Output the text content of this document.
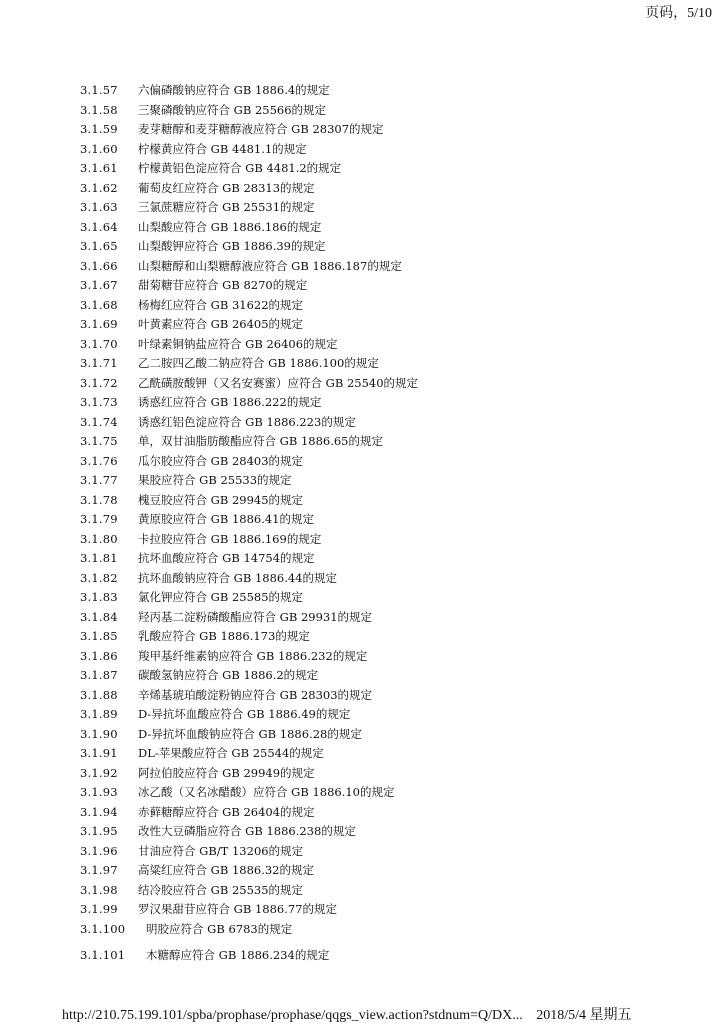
页码，5/10
3.1.57	六偏磷酸钠应符合 GB 1886.4的规定
3.1.58	三聚磷酸钠应符合 GB 25566的规定
3.1.59	麦芽糖醇和麦芽糖醇液应符合 GB 28307的规定
3.1.60	柠檬黄应符合 GB 4481.1的规定
3.1.61	柠檬黄铝色淀应符合 GB 4481.2的规定
3.1.62	葡萄皮红应符合 GB 28313的规定
3.1.63	三氯蔗糖应符合 GB 25531的规定
3.1.64	山梨酸应符合 GB 1886.186的规定
3.1.65	山梨酸钾应符合 GB 1886.39的规定
3.1.66	山梨糖醇和山梨糖醇液应符合 GB 1886.187的规定
3.1.67	甜菊糖苷应符合 GB 8270的规定
3.1.68	杨梅红应符合 GB 31622的规定
3.1.69	叶黄素应符合 GB 26405的规定
3.1.70	叶绿素铜钠盐应符合 GB 26406的规定
3.1.71	乙二胺四乙酸二钠应符合 GB 1886.100的规定
3.1.72	乙酰磺胺酸钾（又名安赛蜜）应符合 GB 25540的规定
3.1.73	诱惑红应符合 GB 1886.222的规定
3.1.74	诱惑红铝色淀应符合 GB 1886.223的规定
3.1.75	单，双甘油脂肪酸酯应符合 GB 1886.65的规定
3.1.76	瓜尔胶应符合 GB 28403的规定
3.1.77	果胶应符合 GB 25533的规定
3.1.78	槐豆胶应符合 GB 29945的规定
3.1.79	黄原胶应符合 GB 1886.41的规定
3.1.80	卡拉胶应符合 GB 1886.169的规定
3.1.81	抗坏血酸应符合 GB 14754的规定
3.1.82	抗坏血酸钠应符合 GB 1886.44的规定
3.1.83	氯化钾应符合 GB 25585的规定
3.1.84	羟丙基二淀粉磷酸酯应符合 GB 29931的规定
3.1.85	乳酸应符合 GB 1886.173的规定
3.1.86	羧甲基纤维素钠应符合 GB 1886.232的规定
3.1.87	碳酸氢钠应符合 GB 1886.2的规定
3.1.88	辛烯基琥珀酸淀粉钠应符合 GB 28303的规定
3.1.89	D-异抗坏血酸应符合 GB 1886.49的规定
3.1.90	D-异抗坏血酸钠应符合 GB 1886.28的规定
3.1.91	DL-苹果酸应符合 GB 25544的规定
3.1.92	阿拉伯胶应符合 GB 29949的规定
3.1.93	冰乙酸（又名冰醋酸）应符合 GB 1886.10的规定
3.1.94	赤藓糖醇应符合 GB 26404的规定
3.1.95	改性大豆磷脂应符合 GB 1886.238的规定
3.1.96	甘油应符合 GB/T 13206的规定
3.1.97	高粱红应符合 GB 1886.32的规定
3.1.98	结冷胶应符合 GB 25535的规定
3.1.99	罗汉果甜苷应符合 GB 1886.77的规定
3.1.100	明胶应符合 GB 6783的规定
3.1.101	木糖醇应符合 GB 1886.234的规定
http://210.75.199.101/spba/prophase/prophase/qqgs_view.action?stdnum=Q/DX... 2018/5/4 星期五
